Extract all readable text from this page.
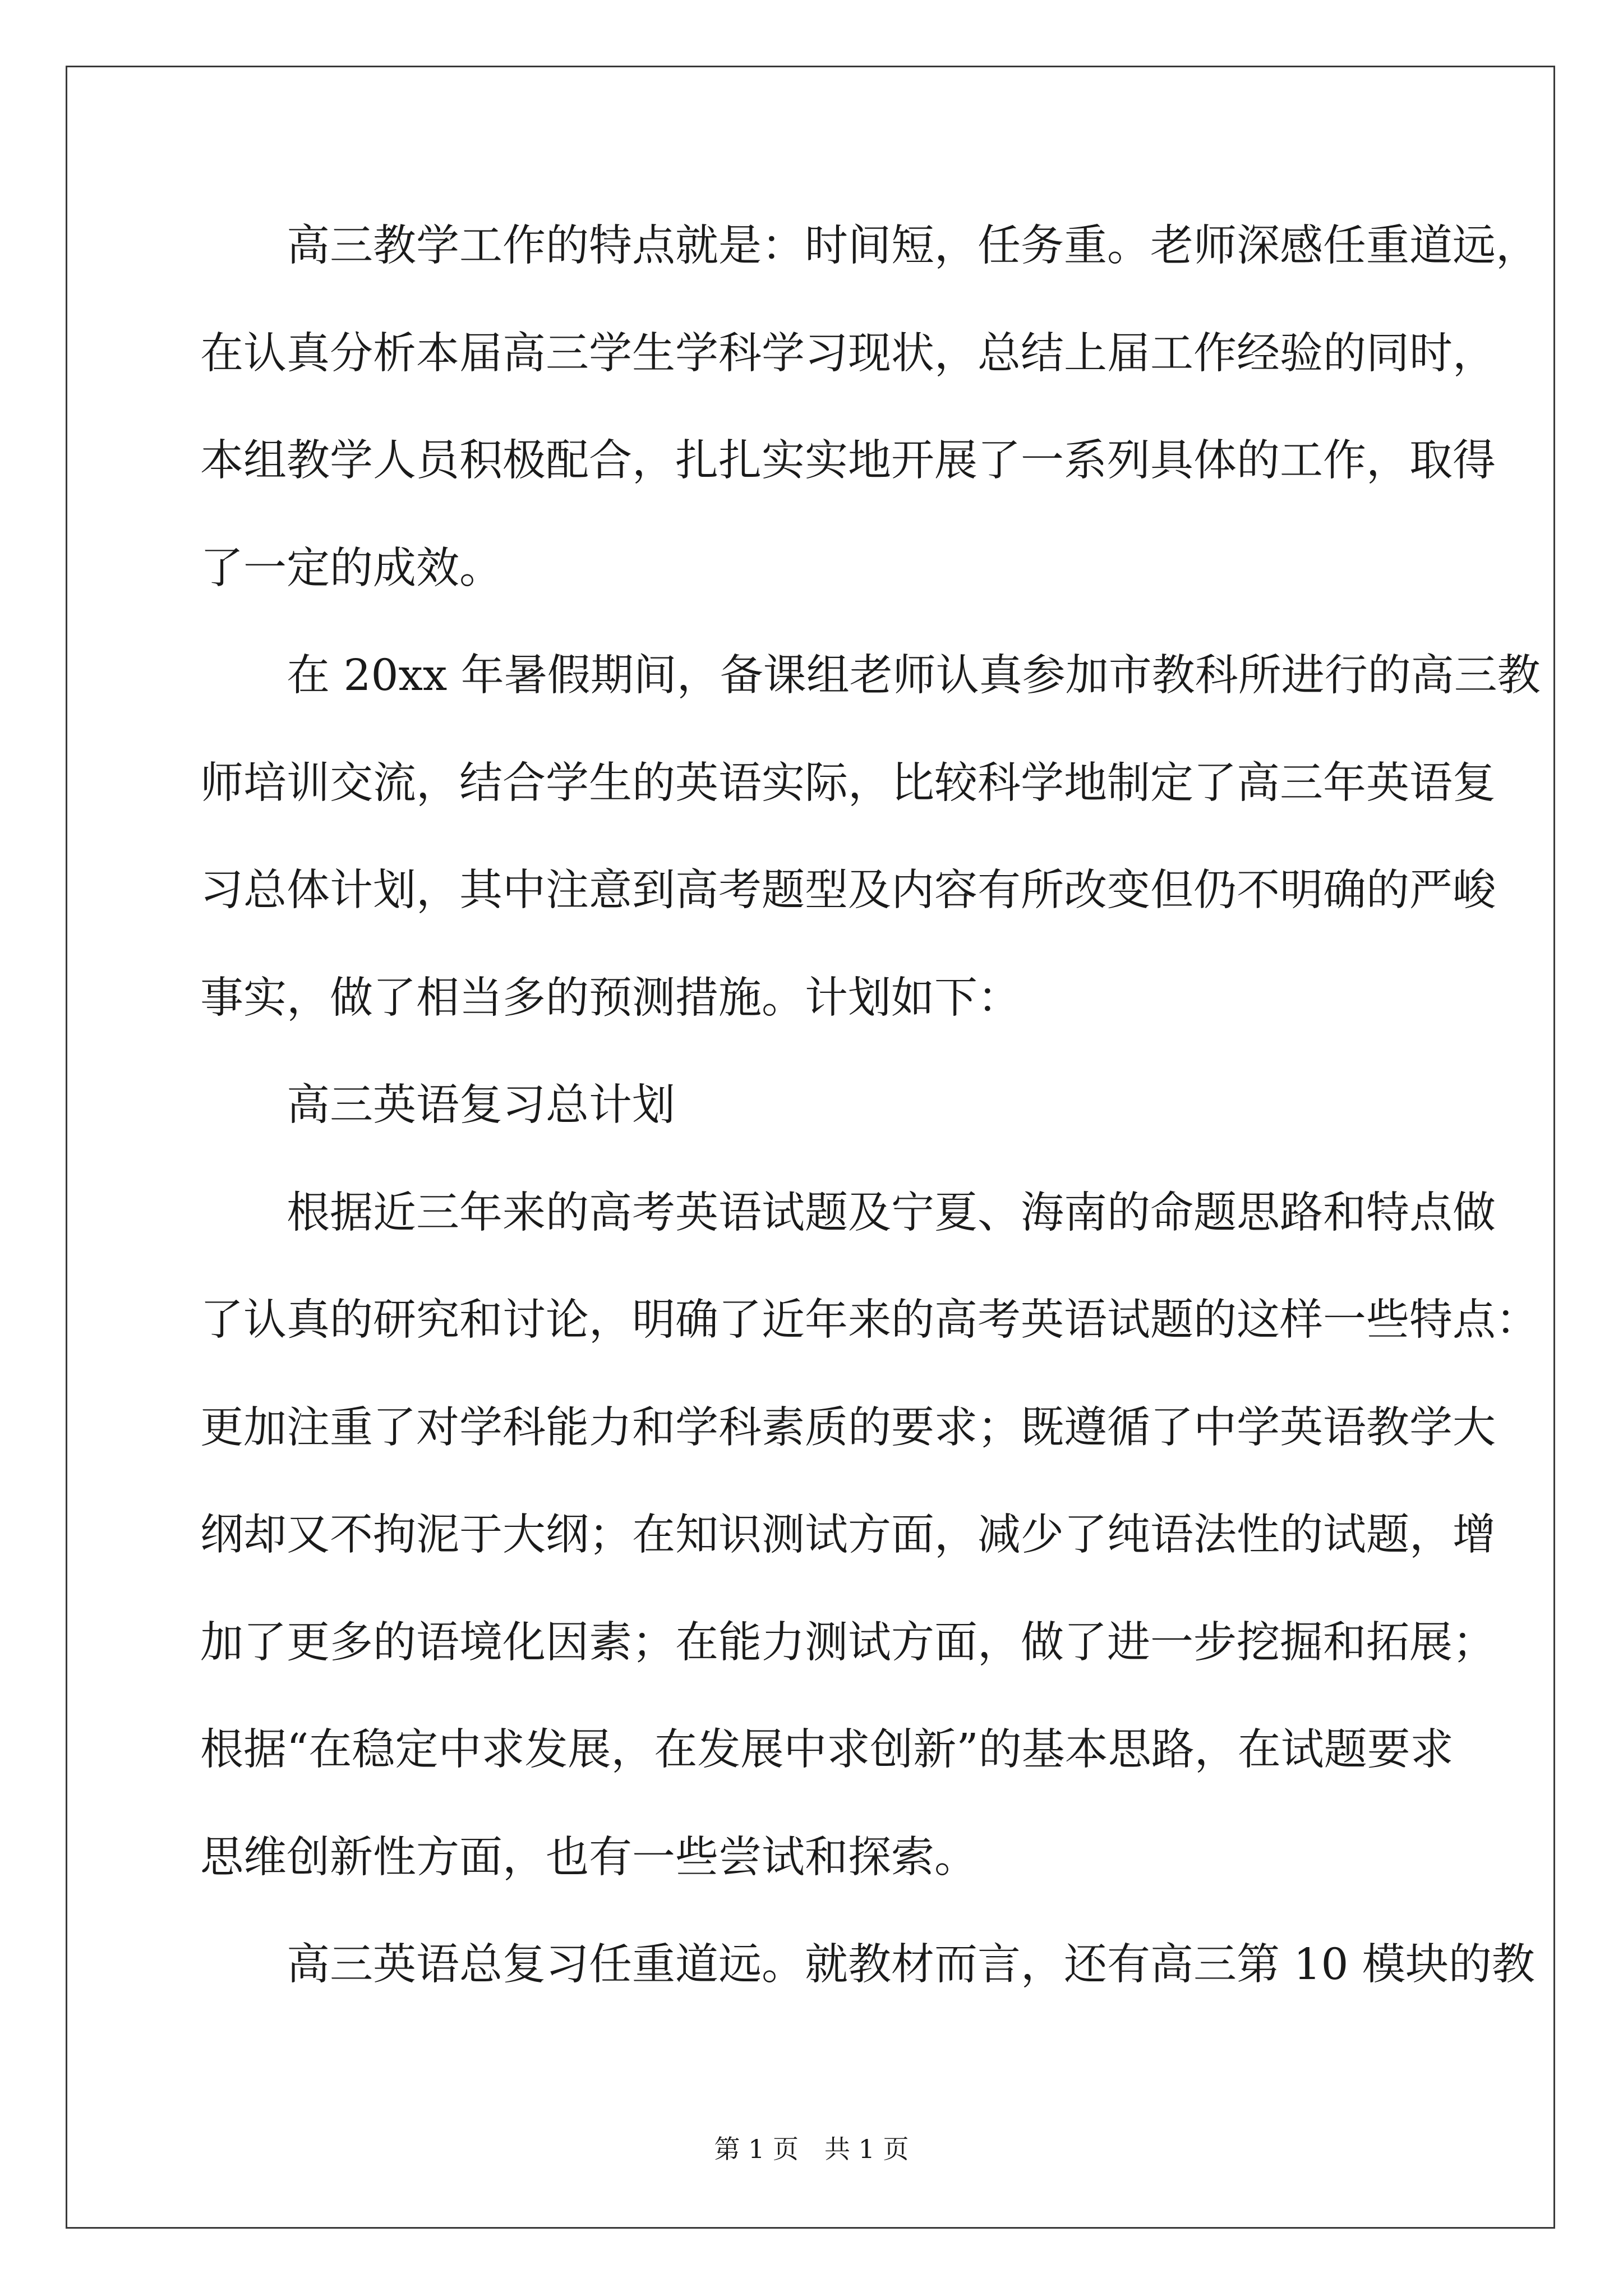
　　高三教学工作的特点就是：时间短，任务重。老师深感任重道远，
在认真分析本届高三学生学科学习现状，总结上届工作经验的同时，
本组教学人员积极配合，扎扎实实地开展了一系列具体的工作，取得
了一定的成效。
　　在 20xx 年暑假期间，备课组老师认真参加市教科所进行的高三教
师培训交流，结合学生的英语实际，比较科学地制定了高三年英语复
习总体计划，其中注意到高考题型及内容有所改变但仍不明确的严峻
事实，做了相当多的预测措施。计划如下：
　　高三英语复习总计划
　　根据近三年来的高考英语试题及宁夏、海南的命题思路和特点做
了认真的研究和讨论，明确了近年来的高考英语试题的这样一些特点：
更加注重了对学科能力和学科素质的要求；既遵循了中学英语教学大
纲却又不拘泥于大纲；在知识测试方面，减少了纯语法性的试题，增
加了更多的语境化因素；在能力测试方面，做了进一步挖掘和拓展；
根据“在稳定中求发展，在发展中求创新”的基本思路，在试题要求
思维创新性方面，也有一些尝试和探索。
　　高三英语总复习任重道远。就教材而言，还有高三第 10 模块的教
第 1 页　共 1 页
